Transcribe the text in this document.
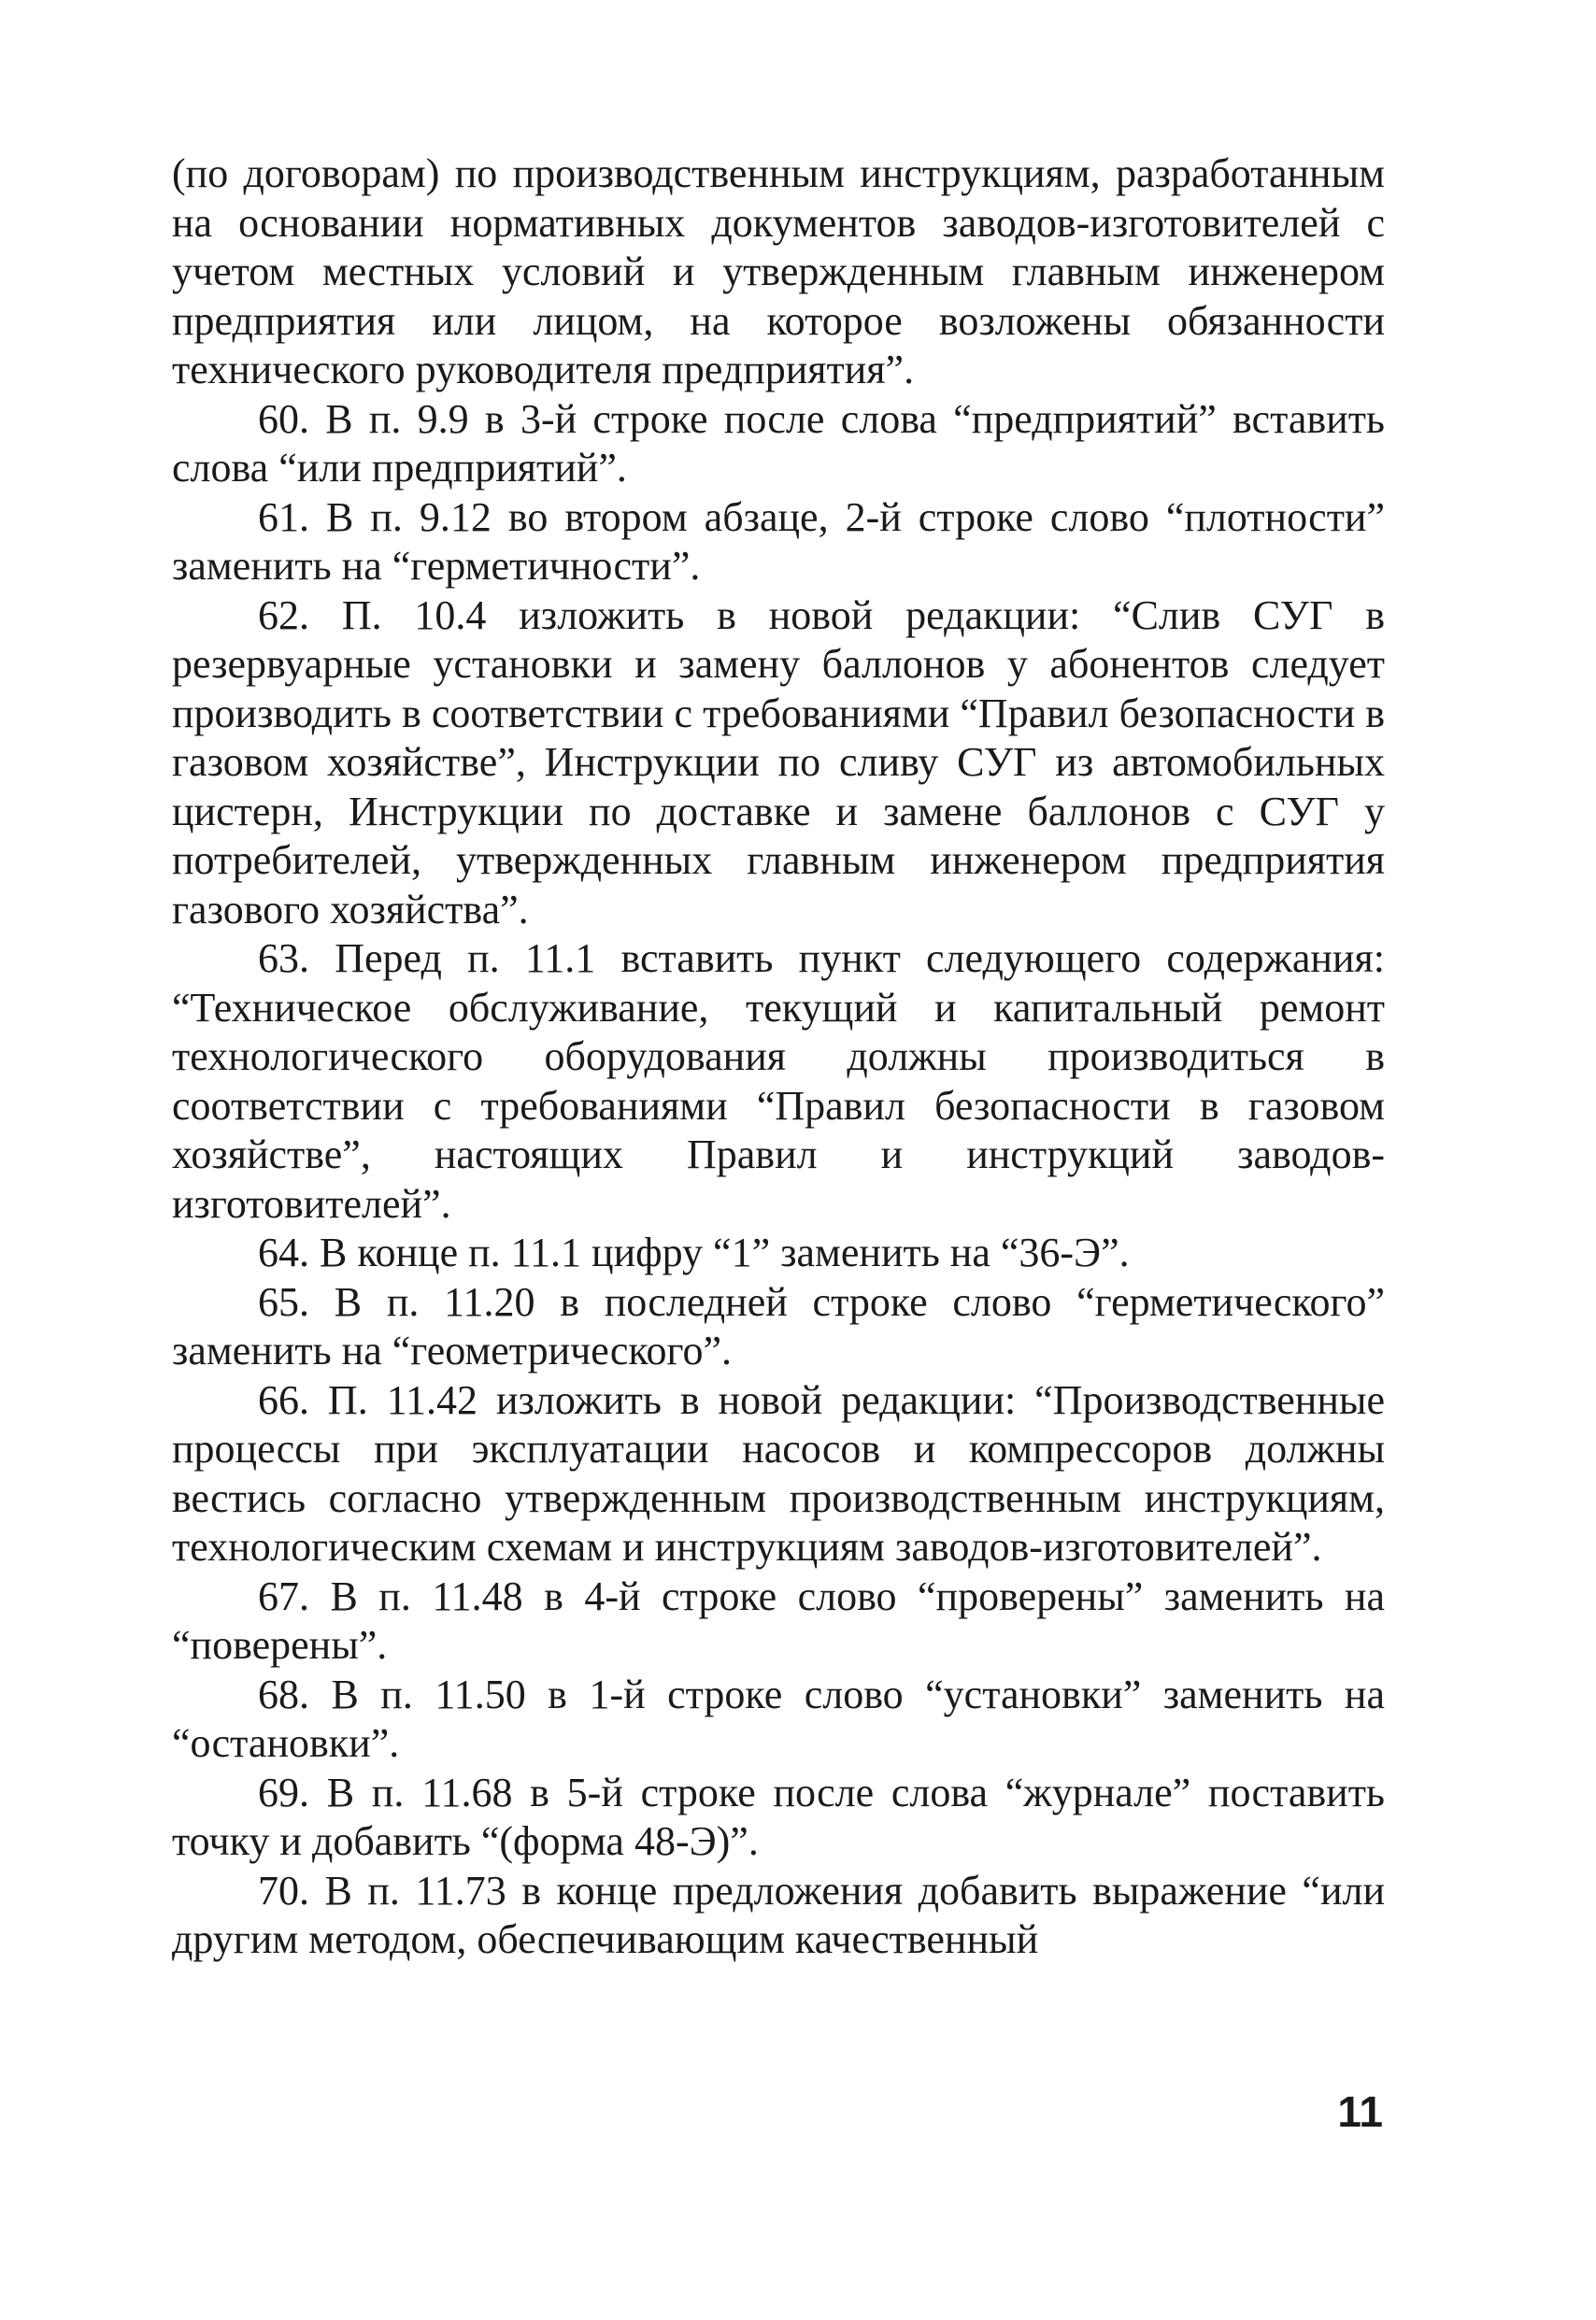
(по договорам) по производственным инструкциям, разработанным на основании нормативных документов заводов-изготовителей с учетом местных условий и утвержденным главным инженером предприятия или лицом, на которое возложены обязанности технического руководителя предприятия”.

60. В п. 9.9 в 3-й строке после слова “предприятий” вставить слова “или предприятий”.

61. В п. 9.12 во втором абзаце, 2-й строке слово “плотности” заменить на “герметичности”.

62. П. 10.4 изложить в новой редакции: “Слив СУГ в резервуарные установки и замену баллонов у абонентов следует производить в соответствии с требованиями “Правил безопасности в газовом хозяйстве”, Инструкции по сливу СУГ из автомобильных цистерн, Инструкции по доставке и замене баллонов с СУГ у потребителей, утвержденных главным инженером предприятия газового хозяйства”.

63. Перед п. 11.1 вставить пункт следующего содержания: “Техническое обслуживание, текущий и капитальный ремонт технологического оборудования должны производиться в соответствии с требованиями “Правил безопасности в газовом хозяйстве”, настоящих Правил и инструкций заводов-изготовителей”.

64. В конце п. 11.1 цифру “1” заменить на “36-Э”.

65. В п. 11.20 в последней строке слово “герметического” заменить на “геометрического”.

66. П. 11.42 изложить в новой редакции: “Производственные процессы при эксплуатации насосов и компрессоров должны вестись согласно утвержденным производственным инструкциям, технологическим схемам и инструкциям заводов-изготовителей”.

67. В п. 11.48 в 4-й строке слово “проверены” заменить на “поверены”.

68. В п. 11.50 в 1-й строке слово “установки” заменить на “остановки”.

69. В п. 11.68 в 5-й строке после слова “журнале” поставить точку и добавить “(форма 48-Э)”.

70. В п. 11.73 в конце предложения добавить выражение “или другим методом, обеспечивающим качественный

11
